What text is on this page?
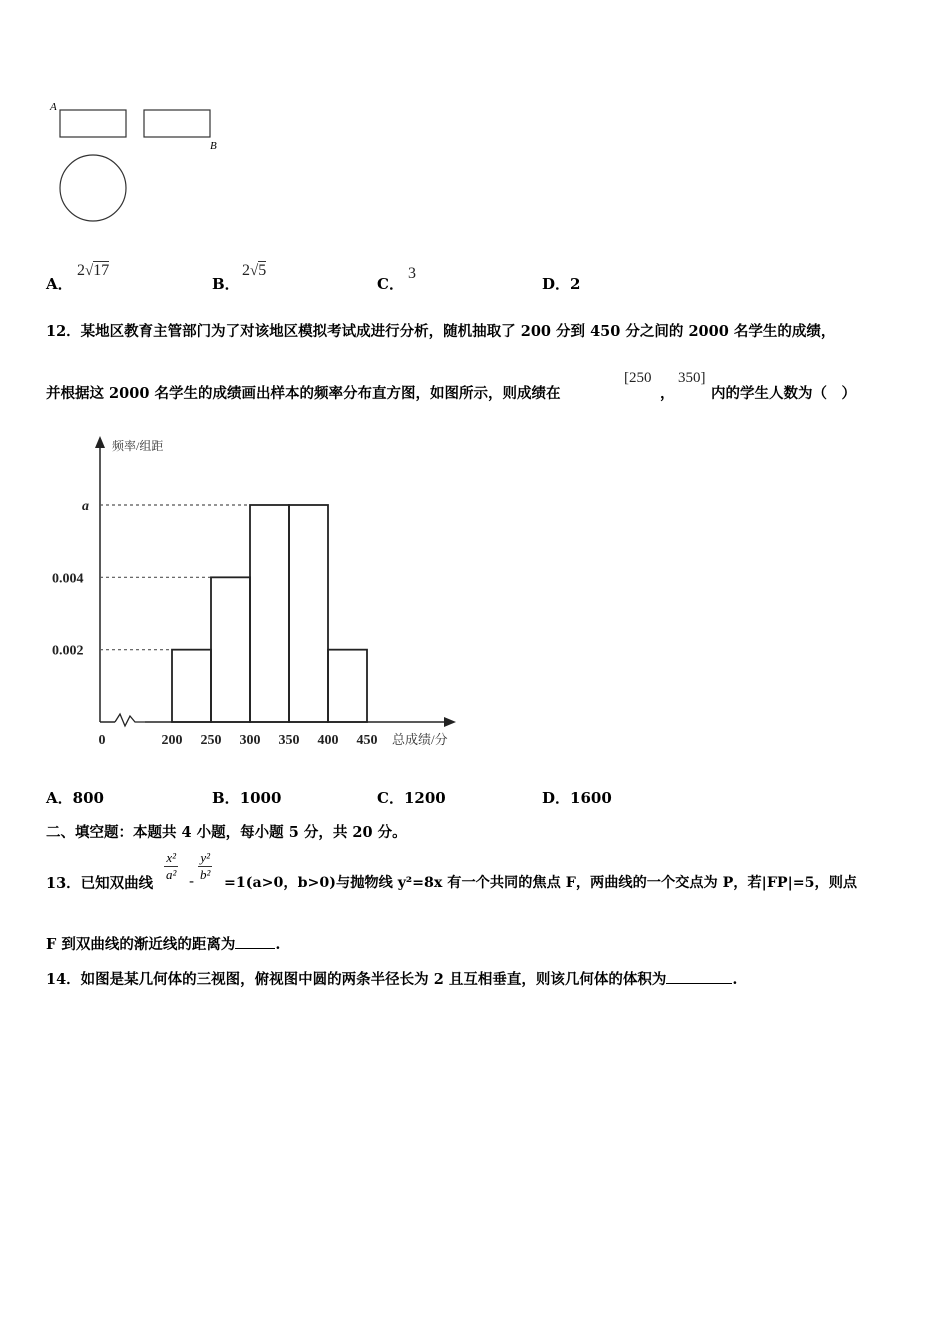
A
B
A．
2√17
B．
2√5
C．
3
D．2
12．某地区教育主管部门为了对该地区模拟考试成进行分析，随机抽取了 200 分到 450 分之间的 2000 名学生的成绩，
并根据这 2000 名学生的成绩画出样本的频率分布直方图，如图所示，则成绩在
[250
，
350]
内的学生人数为（　）
频率/组距
总成绩/分
0.002
0.004
a
0	200 250 300 350 400 450
A．800	B．1000	C．1200	D．1600
二、填空题：本题共 4 小题，每小题 5 分，共 20 分。
13．已知双曲线
$\frac{\text{x²}}{\text{a²}} - \frac{\text{y²}}{\text{b²}} =1(a>0$，b>0)与抛物线 y²=8x 有一个共同的焦点 F，两曲线的一个交点为 P，若|FP|=5，则点
F 到双曲线的渐近线的距离为	.
14．如图是某几何体的三视图，俯视图中圆的两条半径长为 2 且互相垂直，则该几何体的体积为	.
